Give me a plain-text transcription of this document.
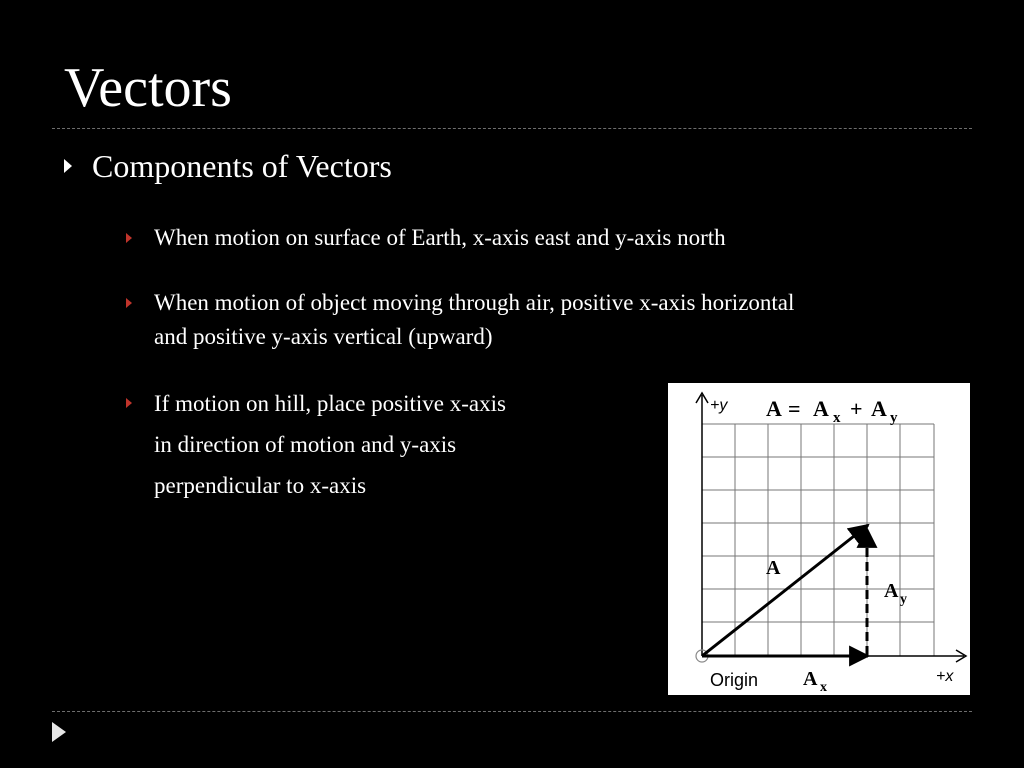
Vectors
Components of Vectors

When motion on surface of Earth, x-axis east and y-axis north

When motion of object moving through air, positive x-axis horizontal

and positive y-axis vertical (upward)

If motion on hill, place positive x-axis

in direction of motion and y-axis

perpendicular to x-axis

+y
+x
Origin
A = A x + A y
A
A y
A x
